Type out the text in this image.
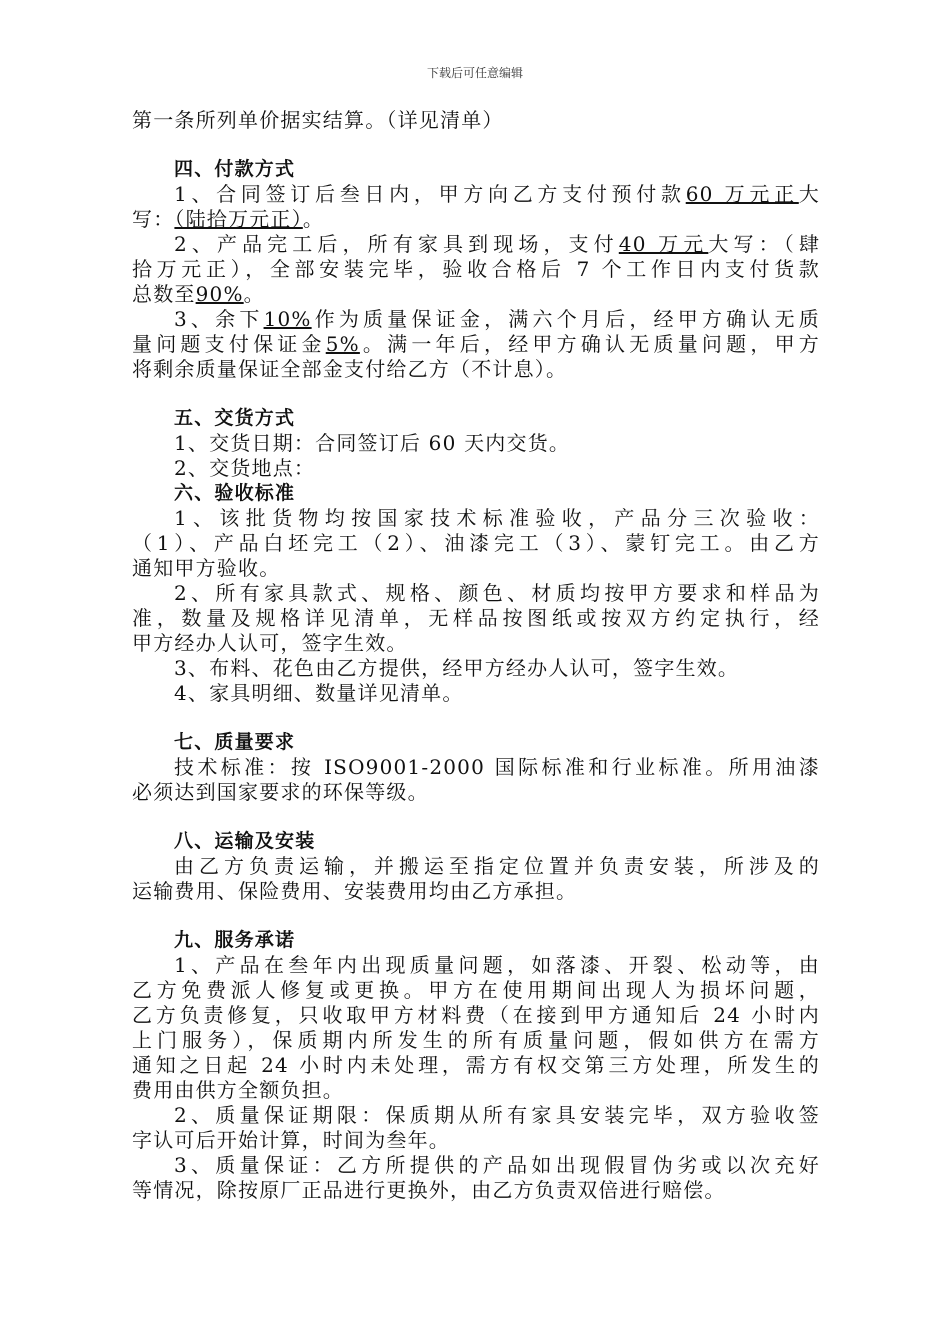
下载后可任意编辑
第一条所列单价据实结算。（详见清单）
四、付款方式
1、合同签订后叁日内，甲方向乙方支付预付款60 万元正大
写：（陆拾万元正）。
2、产品完工后，所有家具到现场，支付40 万元大写：（肆
拾万元正），全部安装完毕，验收合格后 7 个工作日内支付货款
总数至90%。
3、余下10%作为质量保证金，满六个月后，经甲方确认无质
量问题支付保证金5%。满一年后，经甲方确认无质量问题，甲方
将剩余质量保证全部金支付给乙方（不计息）。
五、交货方式
1、交货日期：合同签订后 60 天内交货。
2、交货地点：
六、验收标准
1、该批货物均按国家技术标准验收，产品分三次验收：
（1）、产品白坯完工（2）、油漆完工（3）、蒙钉完工。由乙方
通知甲方验收。
2、所有家具款式、规格、颜色、材质均按甲方要求和样品为
准，数量及规格详见清单，无样品按图纸或按双方约定执行，经
甲方经办人认可，签字生效。
3、布料、花色由乙方提供，经甲方经办人认可，签字生效。
4、家具明细、数量详见清单。
七、质量要求
技术标准：按 ISO9001-2000 国际标准和行业标准。所用油漆
必须达到国家要求的环保等级。
八、运输及安装
由乙方负责运输，并搬运至指定位置并负责安装，所涉及的
运输费用、保险费用、安装费用均由乙方承担。
九、服务承诺
1、产品在叁年内出现质量问题，如落漆、开裂、松动等，由
乙方免费派人修复或更换。甲方在使用期间出现人为损坏问题，
乙方负责修复，只收取甲方材料费（在接到甲方通知后 24 小时内
上门服务），保质期内所发生的所有质量问题，假如供方在需方
通知之日起 24 小时内未处理，需方有权交第三方处理，所发生的
费用由供方全额负担。
2、质量保证期限：保质期从所有家具安装完毕，双方验收签
字认可后开始计算，时间为叁年。
3、质量保证：乙方所提供的产品如出现假冒伪劣或以次充好
等情况，除按原厂正品进行更换外，由乙方负责双倍进行赔偿。
